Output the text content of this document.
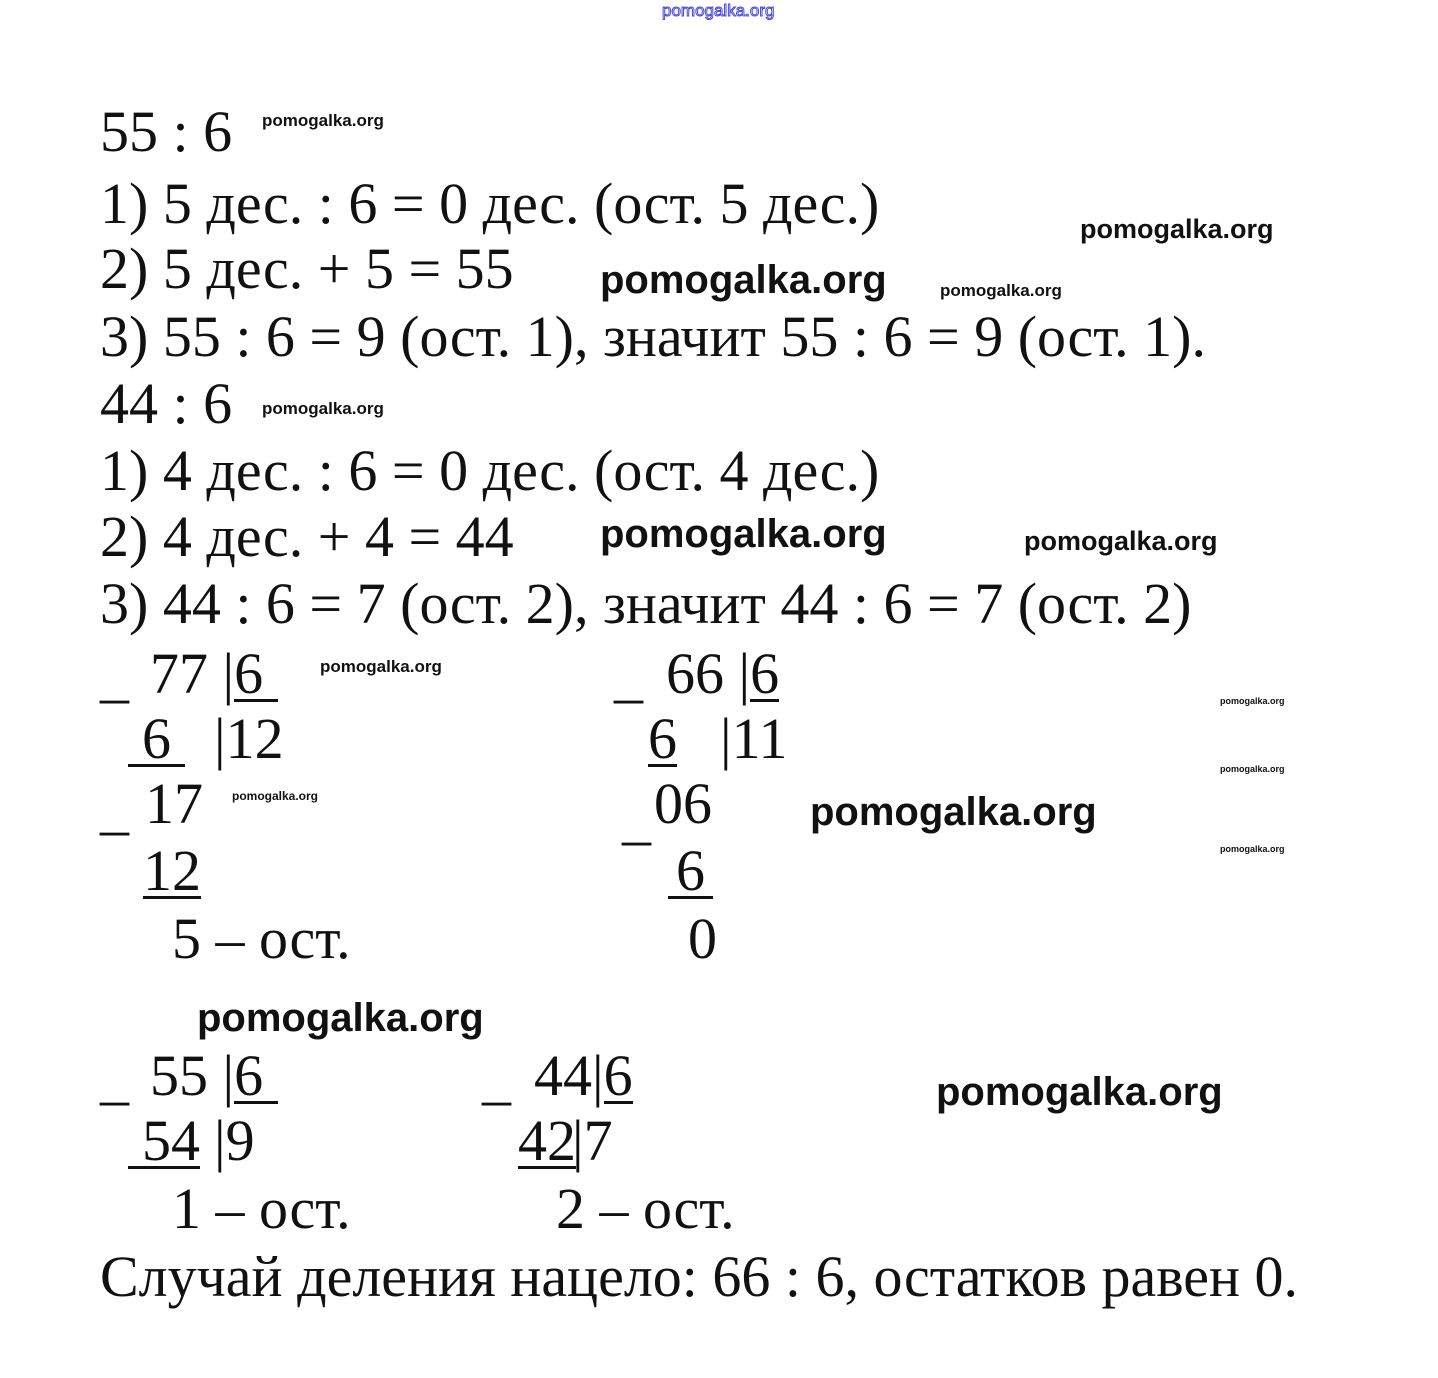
pomogalka.org
pomogalka.org
pomogalka.org
pomogalka.org
pomogalka.org
pomogalka.org
pomogalka.org
pomogalka.org
pomogalka.org
pomogalka.org
pomogalka.org
pomogalka.org	pomogalka.org
pomogalka.org
pomogalka.org
pomogalka.org
55 : 6
1) 5 дес. : 6 = 0 дес. (ост. 5 дес.)
2) 5 дес. + 5 = 55
3) 55 : 6 = 9 (ост. 1), значит 55 : 6 = 9 (ост. 1).
44 : 6
1) 4 дес. : 6 = 0 дес. (ост. 4 дес.)
2) 4 дес. + 4 = 44
3) 44 : 6 = 7 (ост. 2), значит 44 : 6 = 7 (ост. 2)
_ 77 |6
6 |12
_ 17
12
5 – ост.
_ 66 |6
6 |11
_ 06
6
0
_ 55 |6
54 |9
1 – ост.
_ 44|6
42
|7
2 – ост.
Случай деления нацело: 66 : 6, остатков равен 0.
